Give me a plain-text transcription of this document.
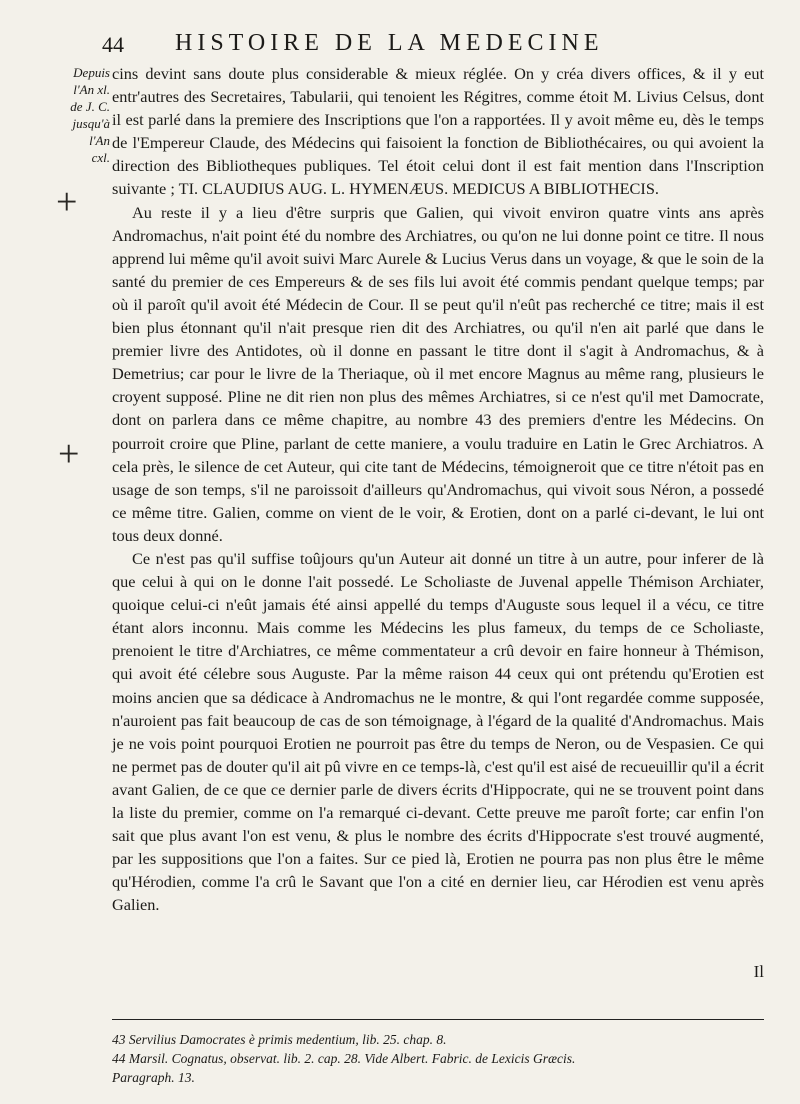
44 HISTOIRE DE LA MEDECINE
Depuis
l'An xl.
de J. C.
jusqu'à
l'An
cxl.
+
+

cins devint sans doute plus considerable & mieux réglée. On y créa divers offices, & il y eut entr'autres des Secretaires, Tabularii, qui tenoient les Régitres, comme étoit M. Livius Celsus, dont il est parlé dans la premiere des Inscriptions que l'on a rapportées. Il y avoit même eu, dès le temps de l'Empereur Claude, des Médecins qui faisoient la fonction de Bibliothécaires, ou qui avoient la direction des Bibliotheques publiques. Tel étoit celui dont il est fait mention dans l'Inscription suivante ; TI. CLAUDIUS AUG. L. HYMENÆUS. MEDICUS A BIBLIOTHECIS.

Au reste il y a lieu d'être surpris que Galien, qui vivoit environ quatre vints ans après Andromachus, n'ait point été du nombre des Archiatres, ou qu'on ne lui donne point ce titre. Il nous apprend lui même qu'il avoit suivi Marc Aurele & Lucius Verus dans un voyage, & que le soin de la santé du premier de ces Empereurs & de ses fils lui avoit été commis pendant quelque temps; par où il paroît qu'il avoit été Médecin de Cour. Il se peut qu'il n'eût pas recherché ce titre; mais il est bien plus étonnant qu'il n'ait presque rien dit des Archiatres, ou qu'il n'en ait parlé que dans le premier livre des Antidotes, où il donne en passant le titre dont il s'agit à Andromachus, & à Demetrius; car pour le livre de la Theriaque, où il met encore Magnus au même rang, plusieurs le croyent supposé. Pline ne dit rien non plus des mêmes Archiatres, si ce n'est qu'il met Damocrate, dont on parlera dans ce même chapitre, au nombre 43 des premiers d'entre les Médecins. On pourroit croire que Pline, parlant de cette maniere, a voulu traduire en Latin le Grec Archiatros. A cela près, le silence de cet Auteur, qui cite tant de Médecins, témoigneroit que ce titre n'étoit pas en usage de son temps, s'il ne paroissoit d'ailleurs qu'Andromachus, qui vivoit sous Néron, a possedé ce même titre. Galien, comme on vient de le voir, & Erotien, dont on a parlé ci-devant, le lui ont tous deux donné.

Ce n'est pas qu'il suffise toûjours qu'un Auteur ait donné un titre à un autre, pour inferer de là que celui à qui on le donne l'ait possedé. Le Scholiaste de Juvenal appelle Thémison Archiater, quoique celui-ci n'eût jamais été ainsi appellé du temps d'Auguste sous lequel il a vécu, ce titre étant alors inconnu. Mais comme les Médecins les plus fameux, du temps de ce Scholiaste, prenoient le titre d'Archiatres, ce même commentateur a crû devoir en faire honneur à Thémison, qui avoit été célebre sous Auguste. Par la même raison 44 ceux qui ont prétendu qu'Erotien est moins ancien que sa dédicace à Andromachus ne le montre, & qui l'ont regardée comme supposée, n'auroient pas fait beaucoup de cas de son témoignage, à l'égard de la qualité d'Andromachus. Mais je ne vois point pourquoi Erotien ne pourroit pas être du temps de Neron, ou de Vespasien. Ce qui ne permet pas de douter qu'il ait pû vivre en ce temps-là, c'est qu'il est aisé de recueuillir qu'il a écrit avant Galien, de ce que ce dernier parle de divers écrits d'Hippocrate, qui ne se trouvent point dans la liste du premier, comme on l'a remarqué ci-devant. Cette preuve me paroît forte; car enfin l'on sait que plus avant l'on est venu, & plus le nombre des écrits d'Hippocrate s'est trouvé augmenté, par les suppositions que l'on a faites. Sur ce pied là, Erotien ne pourra pas non plus être le même qu'Hérodien, comme l'a crû le Savant que l'on a cité en dernier lieu, car Hérodien est venu après Galien.

Il
43 Servilius Damocrates è primis medentium, lib. 25. chap. 8.
44 Marsil. Cognatus, observat. lib. 2. cap. 28. Vide Albert. Fabric. de Lexicis Græcis.
Paragraph. 13.
